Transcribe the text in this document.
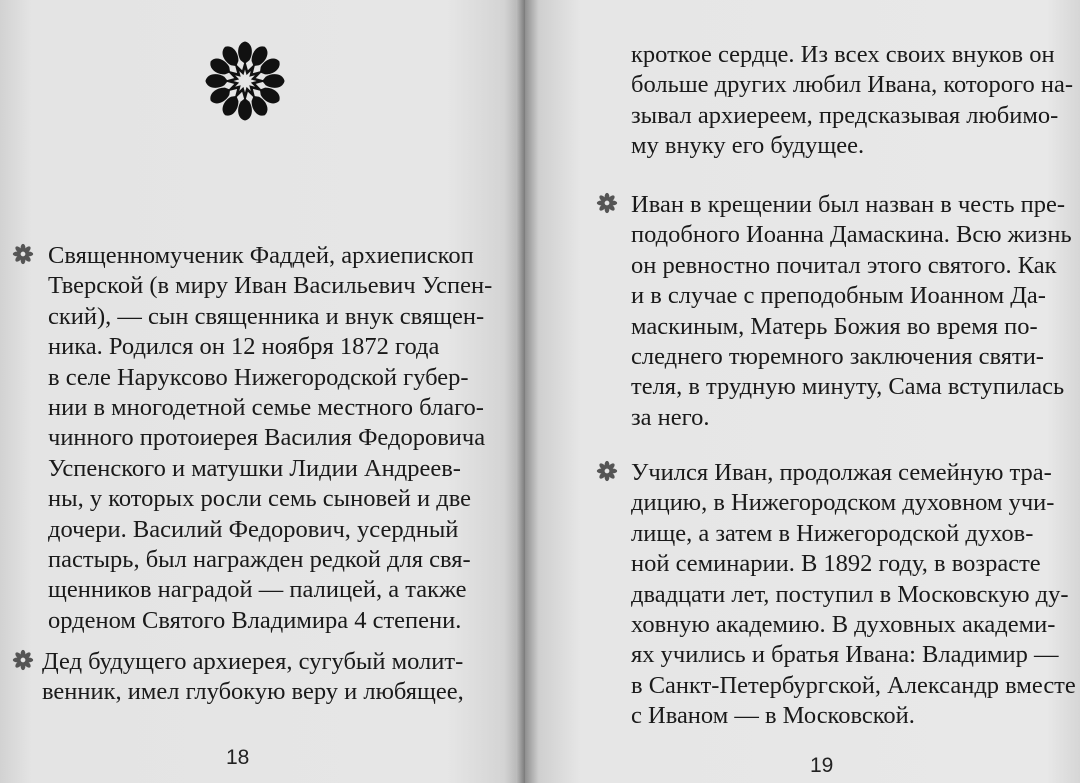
Священномученик Фаддей, архиепископ
Тверской (в миру Иван Васильевич Успен-
ский), — сын священника и внук священ-
ника. Родился он 12 ноября 1872 года
в селе Наруксово Нижегородской губер-
нии в многодетной семье местного благо-
чинного протоиерея Василия Федоровича
Успенского и матушки Лидии Андреев-
ны, у которых росли семь сыновей и две
дочери. Василий Федорович, усердный
пастырь, был награжден редкой для свя-
щенников наградой — палицей, а также
орденом Святого Владимира 4 степени.
Дед будущего архиерея, сугубый молит-
венник, имел глубокую веру и любящее,
18
кроткое сердце. Из всех своих внуков он
больше других любил Ивана, которого на-
зывал архиереем, предсказывая любимо-
му внуку его будущее.
Иван в крещении был назван в честь пре-
подобного Иоанна Дамаскина. Всю жизнь
он ревностно почитал этого святого. Как
и в случае с преподобным Иоанном Да-
маскиным, Матерь Божия во время по-
следнего тюремного заключения святи-
теля, в трудную минуту, Сама вступилась
за него.
Учился Иван, продолжая семейную тра-
дицию, в Нижегородском духовном учи-
лище, а затем в Нижегородской духов-
ной семинарии. В 1892 году, в возрасте
двадцати лет, поступил в Московскую ду-
ховную академию. В духовных академи-
ях учились и братья Ивана: Владимир —
в Санкт-Петербургской, Александр вместе
с Иваном — в Московской.
19
